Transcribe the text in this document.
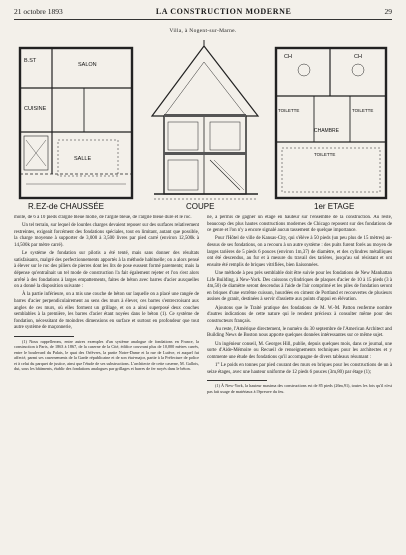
21 octobre 1893	LA CONSTRUCTION MODERNE	29
Villa, à Nogent-sur-Marne.
B.ST
CUISINE
SALON
SALLE
CH	CH
TOILETTE
CHAMBRE
TOILETTE
TOILETTE
R.EZ-de CHAUSSÉE	COUPE	1er ETAGE

molle, de 6 à 10 pieds d'argile bleue molle, de l'argile bleue, de l'argile bleue dure et le roc.

Un tel terrain, sur lequel de lourdes charges devaient reposer sur des surfaces relativement restreintes, exigeait forcément des fondations spéciales, tout en limitant, autant que possible, la charge moyenne à supporter de 3,000 à 3,500 livres par pied carré (environ 12,500k à 14,500k par mètre carré).

Le système de fondation sur pilotis a été tenté, mais sans donner des résultats satisfaisants, malgré des perfectionnements apportés à la méthode habituelle; on a alors pensé à élever sur le roc des piliers de pierres dont les lits de pose eussent formé parements; mais la dépense qu'entraînait un tel mode de construction l'a fait également rejeter et l'on s'est alors arrêté à des fondations à larges empattements, faites de béton avec barres d'acier auxquelles on a donné la disposition suivante :

À la partie inférieure, on a mis une couche de béton sur laquelle on a placé une rangée de barres d'acier perpendiculairement au sens des murs à élever, ces barres s'entrecroisant aux angles de ces murs, où elles forment un grillage, et on a ainsi superposé deux couches semblables à la première, les barres d'acier étant noyées dans le béton (1). Ce système de fondation, nécessitant de moindres dimensions en surface et surtout en profondeur que tout autre système de maçonnerie,

(1) Nous rappellerons, entre autres exemples d'un système analogue de fondations en France, la construction à Paris, de 1863 à 1867, de la caserne de la Cité, édifice couvrant plus de 10,000 mètres carrés, entre le boulevard du Palais, le quai des Orfèvres, la partie Notre-Dame et la rue de Lutèce, et auquel fut affecté, parmi ses casernements de la Garde républicaine et de son état-major, partie à la Préfecture de police et à celui du parquet de justice, ainsi que l'étude de ses substructions. L'architecte de cette caserne, M. Gallois, dut, sous les bâtiments, établir des fondations analogues par grillages et barres de fer noyés dans le béton.

ne, a permis de gagner un étage en hauteur sur l'ensemble de la construction. Au reste, beaucoup des plus hautes constructions modernes de Chicago reposent sur des fondations de ce genre et l'on n'y a encore signalé aucun tassement de quelque importance.

Pour l'Hôtel de ville de Kansas-City, qui s'élève à 50 pieds (un peu plus de 15 mètres) au-dessus de ses fondations, on a recouru à un autre système : des puits furent forés au moyen de larges tarières de 5 pieds 6 pouces (environ 1m,37) de diamètre, et des cylindres métalliques ont été descendus, au fur et à mesure du travail des tarières, jusqu'au sol résistant et ont ensuite été remplis de briques vitrifiées, bien liaisonnées.

Une méthode à peu près semblable doit être suivie pour les fondations de New Manhattan Life Building, à New-York. Des caissons cylindriques de plaques d'acier de 10 à 15 pieds (3 à 4m,50) de diamètre seront descendus à l'aide de l'air comprimé et les piles de fondation seront en briques d'une extrême cuisson, hourdées en ciment de Portland et recouvertes de plusieurs assises de granit, destinées à servir d'assiette aux points d'appui en élévation.

Ajoutons que le Traité pratique des fondations de M. W.-M. Patton renferme nombre d'autres indications de cette nature qui le rendent précieux à consulter même pour des constructeurs français.

Au reste, l'Amérique directement, le numéro du 30 septembre de l'American Architect and Building News de Boston nous apporte quelques données intéressantes sur ce même sujet.

Un ingénieur conseil, M. Georges Hill, publie, depuis quelques mois, dans ce journal, une sorte d'Aide-Mémoire ou Recueil de renseignements techniques pour les architectes et y commente une étude des fondations qu'il accompagne de divers tableaux résumant :

1° Le poids en tonnes par pied courant des murs en briques pour les constructions de un à seize étages, avec une hauteur uniforme de 12 pieds 6 pouces (3m,80) par étage (1);

(1) À New-York, la hauteur maxima des constructions est de 85 pieds (26m,91), toutes les fois qu'il n'est pas fait usage de matériaux à l'épreuve du feu.
